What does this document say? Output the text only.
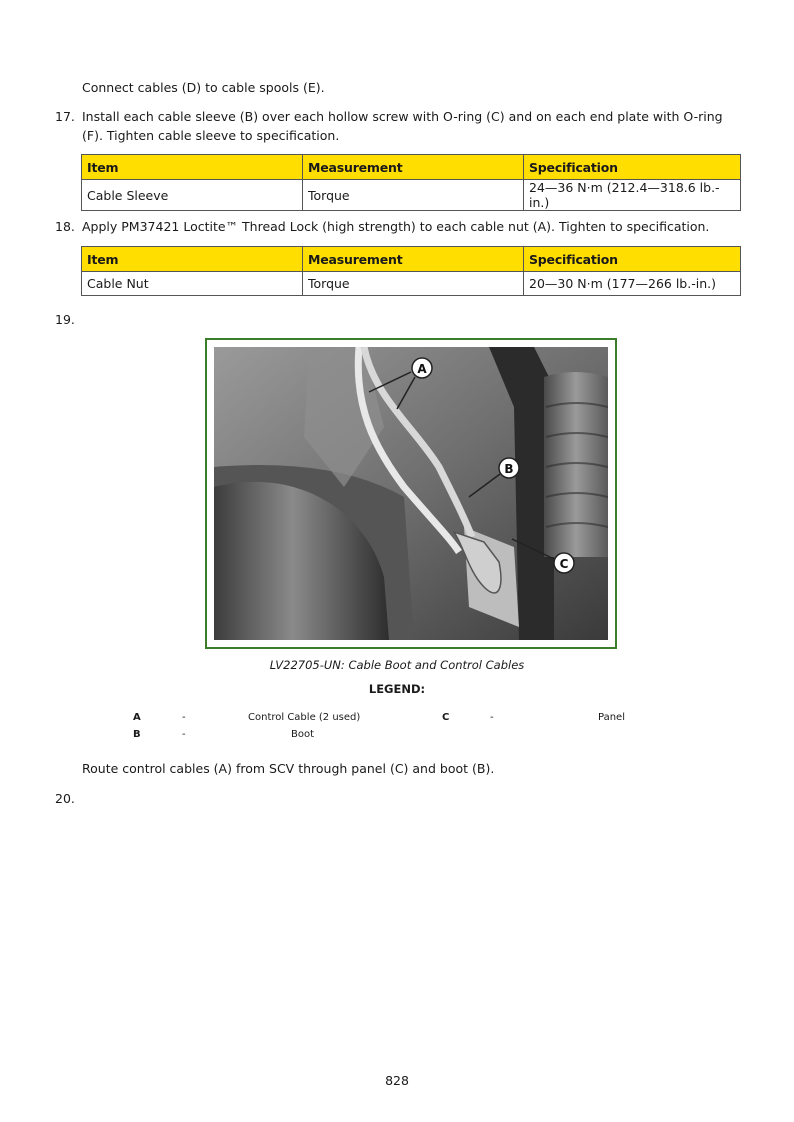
Connect cables (D) to cable spools (E).
17. Install each cable sleeve (B) over each hollow screw with O-ring (C) and on each end plate with O-ring (F). Tighten cable sleeve to specification.
Item	Measurement	Specification
Cable Sleeve	Torque	24—36 N·m (212.4—318.6 lb.-in.)
18. Apply PM37421 Loctite™ Thread Lock (high strength) to each cable nut (A). Tighten to specification.
Item	Measurement	Specification
Cable Nut	Torque	20—30 N·m (177—266 lb.-in.)
19.
A
B
C
LV22705-UN: Cable Boot and Control Cables
LEGEND:
A	-	Control Cable (2 used)
B	-	Boot
C	-	Panel
Route control cables (A) from SCV through panel (C) and boot (B).
20.
828
